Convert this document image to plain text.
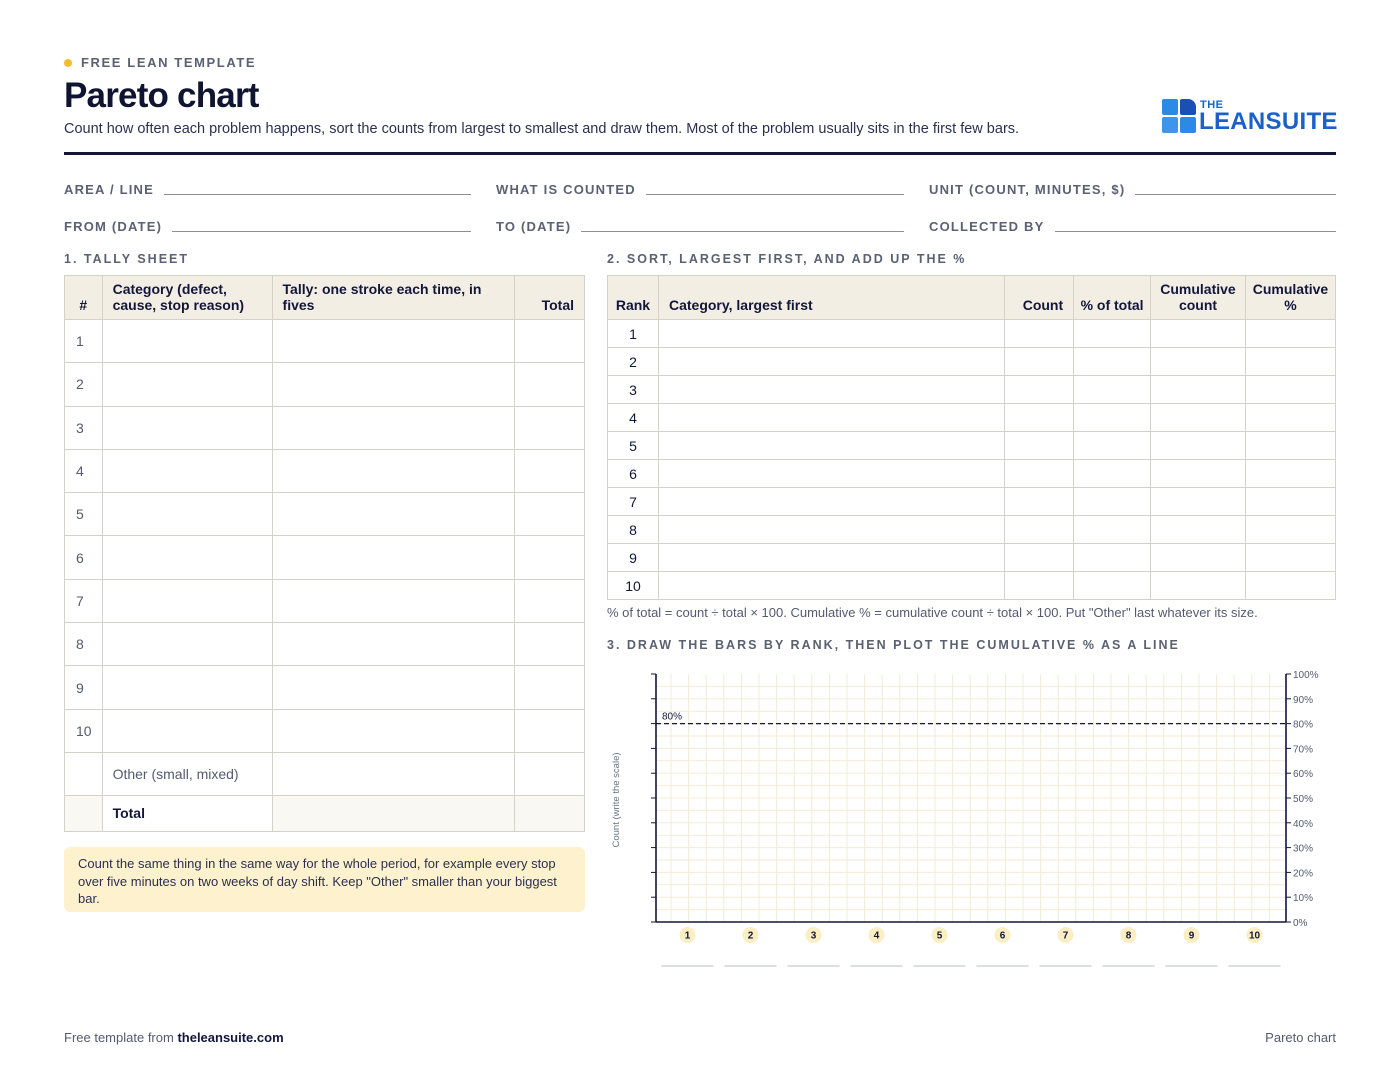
FREE LEAN TEMPLATE
Pareto chart
Count how often each problem happens, sort the counts from largest to smallest and draw them. Most of the problem usually sits in the first few bars.
THE
LEANSUITE
AREA / LINE	WHAT IS COUNTED	UNIT (COUNT, MINUTES, $)
FROM (DATE)	TO (DATE)	COLLECTED BY
1. TALLY SHEET	2. SORT, LARGEST FIRST, AND ADD UP THE %
#	Category (defect, cause, stop reason)	Tally: one stroke each time, in fives	Total
1			
2			
3			
4			
5			
6			
7			
8			
9			
10			
	Other (small, mixed)		
	Total		
Rank	Category, largest first	Count	% of total	Cumulative count	Cumulative %
1					
2					
3					
4					
5					
6					
7					
8					
9					
10					
% of total = count ÷ total × 100. Cumulative % = cumulative count ÷ total × 100. Put "Other" last whatever its size.
3. DRAW THE BARS BY RANK, THEN PLOT THE CUMULATIVE % AS A LINE
0%
10%
20%
30%
40%
50%
60%
70%
80%
90%
100%
80%
Count (write the scale)
1	2	3	4	5	6	7	8	9	10
Count the same thing in the same way for the whole period, for example every stop over five minutes on two weeks of day shift. Keep "Other" smaller than your biggest bar.
Free template from theleansuite.com	Pareto chart
